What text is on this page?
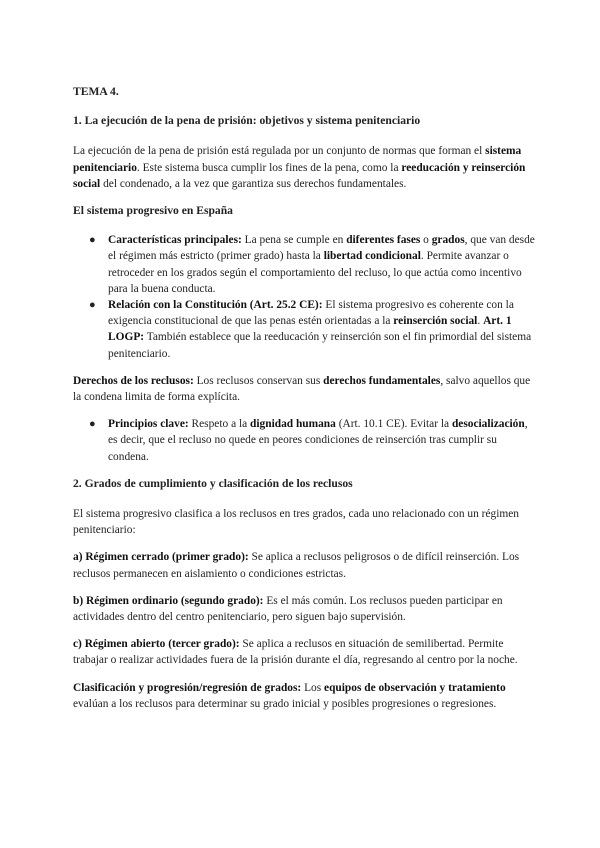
TEMA 4.
1. La ejecución de la pena de prisión: objetivos y sistema penitenciario

La ejecución de la pena de prisión está regulada por un conjunto de normas que forman el sistema penitenciario. Este sistema busca cumplir los fines de la pena, como la reeducación y reinserción social del condenado, a la vez que garantiza sus derechos fundamentales.

El sistema progresivo en España
● Características principales: La pena se cumple en diferentes fases o grados, que van desde el régimen más estricto (primer grado) hasta la libertad condicional. Permite avanzar o retroceder en los grados según el comportamiento del recluso, lo que actúa como incentivo para la buena conducta.
● Relación con la Constitución (Art. 25.2 CE): El sistema progresivo es coherente con la exigencia constitucional de que las penas estén orientadas a la reinserción social. Art. 1 LOGP: También establece que la reeducación y reinserción son el fin primordial del sistema penitenciario.

Derechos de los reclusos: Los reclusos conservan sus derechos fundamentales, salvo aquellos que la condena limita de forma explícita.

● Principios clave: Respeto a la dignidad humana (Art. 10.1 CE). Evitar la desocialización, es decir, que el recluso no quede en peores condiciones de reinserción tras cumplir su condena.
2. Grados de cumplimiento y clasificación de los reclusos

El sistema progresivo clasifica a los reclusos en tres grados, cada uno relacionado con un régimen penitenciario:

a) Régimen cerrado (primer grado): Se aplica a reclusos peligrosos o de difícil reinserción. Los reclusos permanecen en aislamiento o condiciones estrictas.

b) Régimen ordinario (segundo grado): Es el más común. Los reclusos pueden participar en actividades dentro del centro penitenciario, pero siguen bajo supervisión.

c) Régimen abierto (tercer grado): Se aplica a reclusos en situación de semilibertad. Permite trabajar o realizar actividades fuera de la prisión durante el día, regresando al centro por la noche.

Clasificación y progresión/regresión de grados: Los equipos de observación y tratamiento evalúan a los reclusos para determinar su grado inicial y posibles progresiones o regresiones.
